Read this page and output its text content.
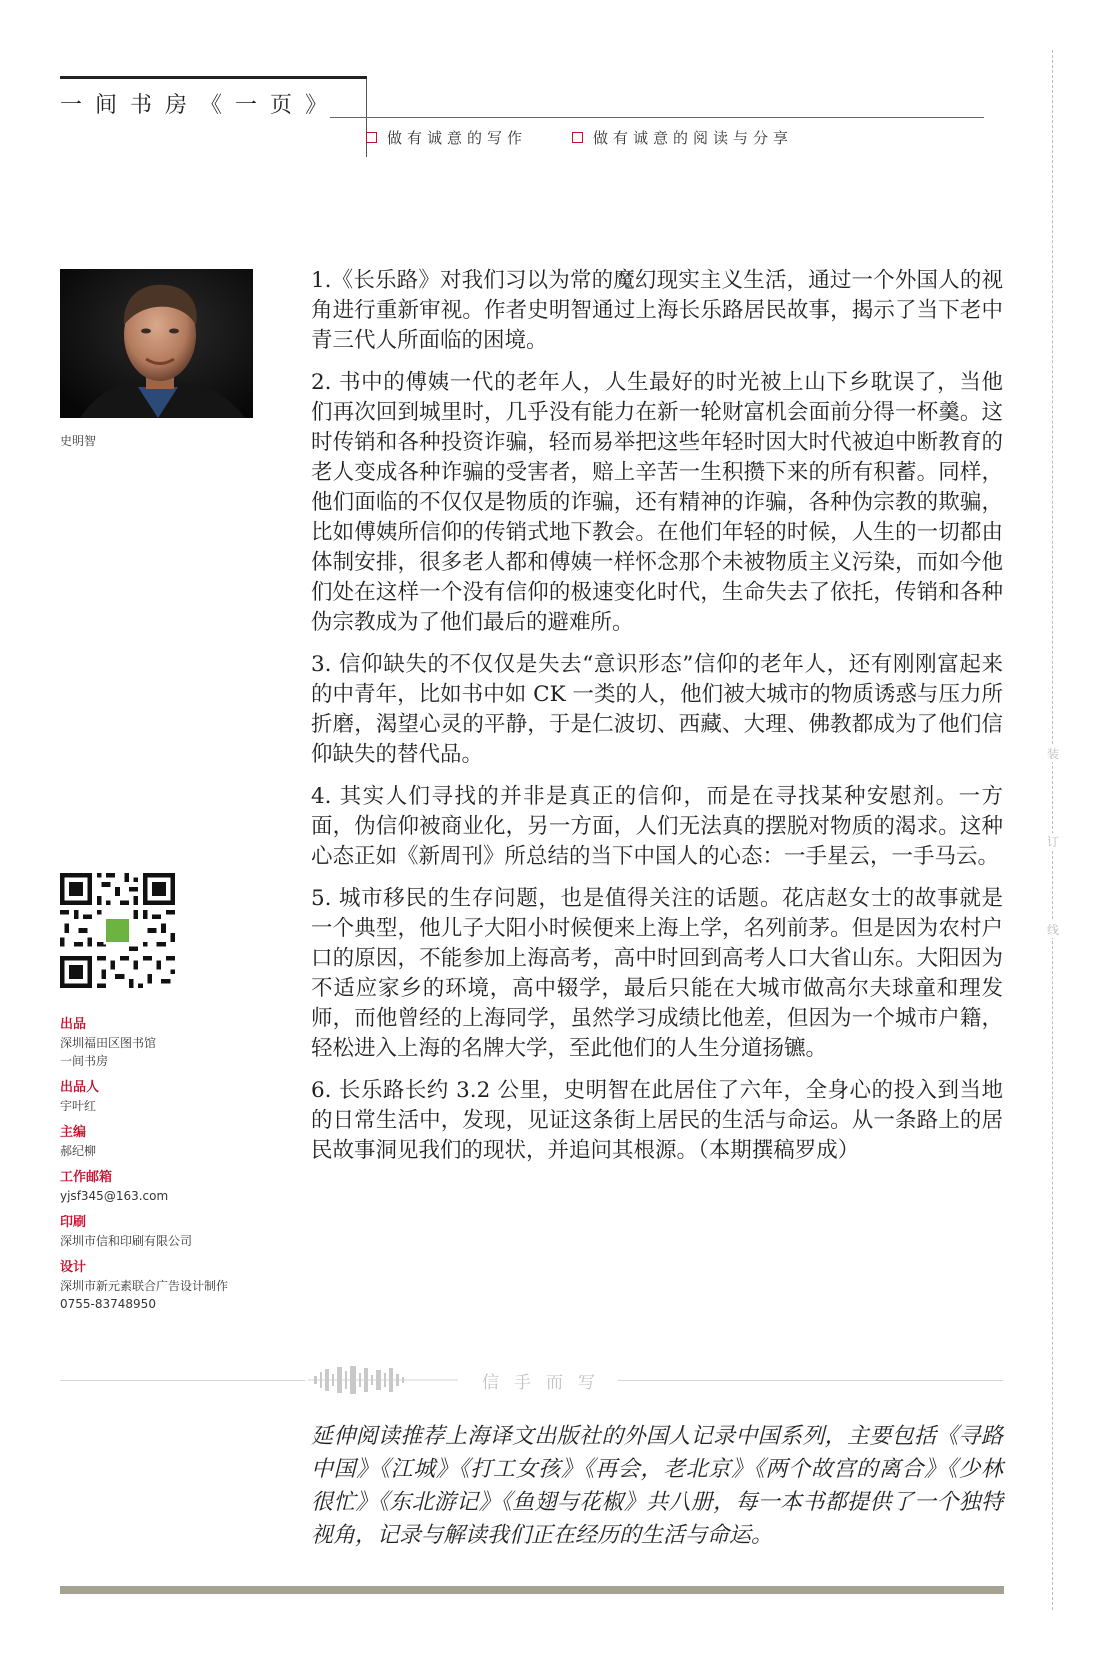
一间书房《一页》
做有诚意的写作	做有诚意的阅读与分享
装
订
线
史明智
出品
深圳福田区图书馆
一间书房
出品人
宇叶红
主编
郝纪柳
工作邮箱
yjsf345@163.com
印刷
深圳市信和印刷有限公司
设计
深圳市新元素联合广告设计制作
0755-83748950

1.《长乐路》对我们习以为常的魔幻现实主义生活，通过一个外国人的视角进行重新审视。作者史明智通过上海长乐路居民故事，揭示了当下老中青三代人所面临的困境。

2. 书中的傅姨一代的老年人，人生最好的时光被上山下乡耽误了，当他们再次回到城里时，几乎没有能力在新一轮财富机会面前分得一杯羹。这时传销和各种投资诈骗，轻而易举把这些年轻时因大时代被迫中断教育的老人变成各种诈骗的受害者，赔上辛苦一生积攒下来的所有积蓄。同样，他们面临的不仅仅是物质的诈骗，还有精神的诈骗，各种伪宗教的欺骗，比如傅姨所信仰的传销式地下教会。在他们年轻的时候，人生的一切都由体制安排，很多老人都和傅姨一样怀念那个未被物质主义污染，而如今他们处在这样一个没有信仰的极速变化时代，生命失去了依托，传销和各种伪宗教成为了他们最后的避难所。

3. 信仰缺失的不仅仅是失去“意识形态”信仰的老年人，还有刚刚富起来的中青年，比如书中如 CK 一类的人，他们被大城市的物质诱惑与压力所折磨，渴望心灵的平静，于是仁波切、西藏、大理、佛教都成为了他们信仰缺失的替代品。

4. 其实人们寻找的并非是真正的信仰，而是在寻找某种安慰剂。一方面，伪信仰被商业化，另一方面，人们无法真的摆脱对物质的渴求。这种心态正如《新周刊》所总结的当下中国人的心态：一手星云，一手马云。

5. 城市移民的生存问题，也是值得关注的话题。花店赵女士的故事就是一个典型，他儿子大阳小时候便来上海上学，名列前茅。但是因为农村户口的原因，不能参加上海高考，高中时回到高考人口大省山东。大阳因为不适应家乡的环境，高中辍学，最后只能在大城市做高尔夫球童和理发师，而他曾经的上海同学，虽然学习成绩比他差，但因为一个城市户籍，轻松进入上海的名牌大学，至此他们的人生分道扬镳。

6. 长乐路长约 3.2 公里，史明智在此居住了六年，全身心的投入到当地的日常生活中，发现，见证这条街上居民的生活与命运。从一条路上的居民故事洞见我们的现状，并追问其根源。（本期撰稿罗成）

信手而写

延伸阅读推荐上海译文出版社的外国人记录中国系列，主要包括《寻路中国》《江城》《打工女孩》《再会，老北京》《两个故宫的离合》《少林很忙》《东北游记》《鱼翅与花椒》共八册，每一本书都提供了一个独特视角，记录与解读我们正在经历的生活与命运。
